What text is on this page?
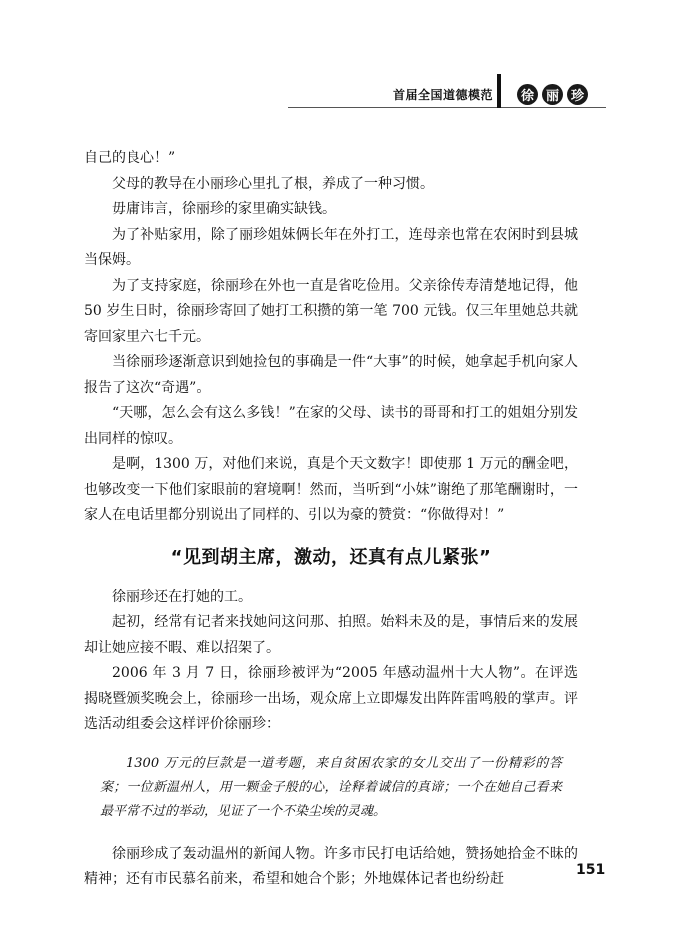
首届全国道德模范	徐 丽 珍

自己的良心！”

父母的教导在小丽珍心里扎了根，养成了一种习惯。

毋庸讳言，徐丽珍的家里确实缺钱。

为了补贴家用，除了丽珍姐妹俩长年在外打工，连母亲也常在农闲时到县城当保姆。

为了支持家庭，徐丽珍在外也一直是省吃俭用。父亲徐传寿清楚地记得，他 50 岁生日时，徐丽珍寄回了她打工积攒的第一笔 700 元钱。仅三年里她总共就寄回家里六七千元。

当徐丽珍逐渐意识到她捡包的事确是一件“大事”的时候，她拿起手机向家人报告了这次“奇遇”。

“天哪，怎么会有这么多钱！”在家的父母、读书的哥哥和打工的姐姐分别发出同样的惊叹。

是啊，1300 万，对他们来说，真是个天文数字！即使那 1 万元的酬金吧，也够改变一下他们家眼前的窘境啊！然而，当听到“小妹”谢绝了那笔酬谢时，一家人在电话里都分别说出了同样的、引以为豪的赞赏：“你做得对！”

“见到胡主席，激动，还真有点儿紧张”

徐丽珍还在打她的工。

起初，经常有记者来找她问这问那、拍照。始料未及的是，事情后来的发展却让她应接不暇、难以招架了。

2006 年 3 月 7 日，徐丽珍被评为“2005 年感动温州十大人物”。在评选揭晓暨颁奖晚会上，徐丽珍一出场，观众席上立即爆发出阵阵雷鸣般的掌声。评选活动组委会这样评价徐丽珍：

1300 万元的巨款是一道考题，来自贫困农家的女儿交出了一份精彩的答案；一位新温州人，用一颗金子般的心，诠释着诚信的真谛；一个在她自己看来最平常不过的举动，见证了一个不染尘埃的灵魂。

徐丽珍成了轰动温州的新闻人物。许多市民打电话给她，赞扬她拾金不昧的精神；还有市民慕名前来，希望和她合个影；外地媒体记者也纷纷赶

151
